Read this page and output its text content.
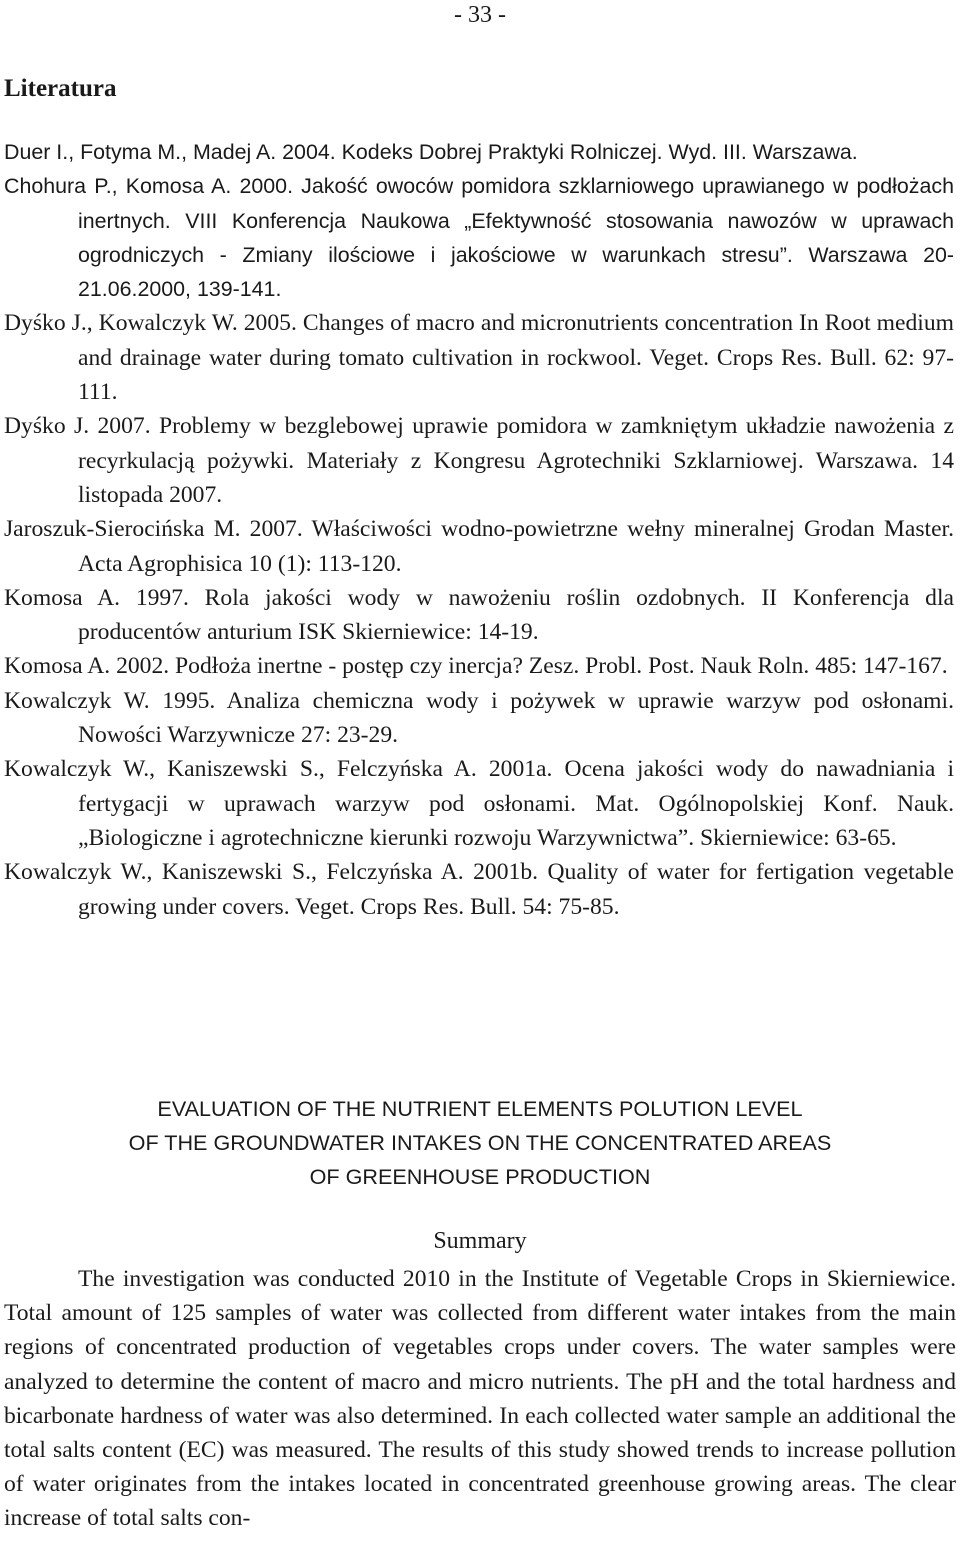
- 33 -
Literatura
Duer I., Fotyma M., Madej A. 2004. Kodeks Dobrej Praktyki Rolniczej. Wyd. III. Warszawa.
Chohura P., Komosa A. 2000. Jakość owoców pomidora szklarniowego uprawianego w podłożach inertnych. VIII Konferencja Naukowa „Efektywność stosowania nawozów w uprawach ogrodniczych - Zmiany ilościowe i jakościowe w warunkach stresu”. Warszawa 20-21.06.2000, 139-141.
Dyśko J., Kowalczyk W. 2005. Changes of macro and micronutrients concentration In Root medium and drainage water during tomato cultivation in rockwool. Veget. Crops Res. Bull. 62: 97-111.
Dyśko J. 2007. Problemy w bezglebowej uprawie pomidora w zamkniętym układzie nawożenia z recyrkulacją pożywki. Materiały z Kongresu Agrotechniki Szklarniowej. Warszawa. 14 listopada 2007.
Jaroszuk-Sierocińska M. 2007. Właściwości wodno-powietrzne wełny mineralnej Grodan Master. Acta Agrophisica 10 (1): 113-120.
Komosa A. 1997. Rola jakości wody w nawożeniu roślin ozdobnych. II Konferencja dla producentów anturium ISK Skierniewice: 14-19.
Komosa A. 2002. Podłoża inertne - postęp czy inercja? Zesz. Probl. Post. Nauk Roln. 485: 147-167.
Kowalczyk W. 1995. Analiza chemiczna wody i pożywek w uprawie warzyw pod osłonami. Nowości Warzywnicze 27: 23-29.
Kowalczyk W., Kaniszewski S., Felczyńska A. 2001a. Ocena jakości wody do nawadniania i fertygacji w uprawach warzyw pod osłonami. Mat. Ogólnopolskiej Konf. Nauk. „Biologiczne i agrotechniczne kierunki rozwoju Warzywnictwa”. Skierniewice: 63-65.
Kowalczyk W., Kaniszewski S., Felczyńska A. 2001b. Quality of water for fertigation vegetable growing under covers. Veget. Crops Res. Bull. 54: 75-85.
EVALUATION OF THE NUTRIENT ELEMENTS POLUTION LEVEL
OF THE GROUNDWATER INTAKES ON THE CONCENTRATED AREAS
OF GREENHOUSE PRODUCTION
Summary

The investigation was conducted 2010 in the Institute of Vegetable Crops in Skierniewice. Total amount of 125 samples of water was collected from different water intakes from the main regions of concentrated production of vegetables crops under covers. The water samples were analyzed to determine the content of macro and micro nutrients. The pH and the total hardness and bicarbonate hardness of water was also determined. In each collected water sample an additional the total salts content (EC) was measured. The results of this study showed trends to increase pollution of water originates from the intakes located in concentrated greenhouse growing areas. The clear increase of total salts con-
